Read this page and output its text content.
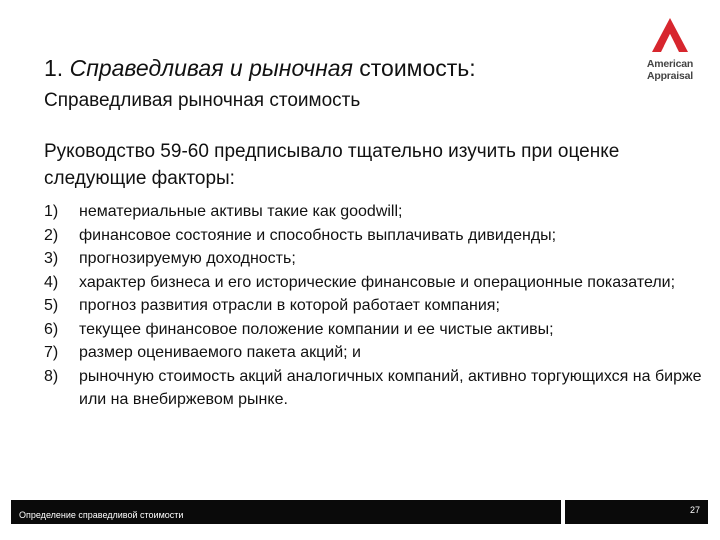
1. Справедливая и рыночная стоимость:
Справедливая рыночная стоимость
American
Appraisal
Руководство 59-60 предписывало тщательно изучить при оценке следующие факторы:
1) нематериальные активы такие как goodwill;
2) финансовое состояние и способность выплачивать дивиденды;
3) прогнозируемую доходность;
4) характер бизнеса и его исторические финансовые и операционные показатели;
5) прогноз развития отрасли в которой работает компания;
6) текущее финансовое положение компании и ее чистые активы;
7) размер оцениваемого пакета акций; и
8) рыночную стоимость акций аналогичных компаний, активно торгующихся на бирже или на внебиржевом рынке.
Определение справедливой стоимости	27
